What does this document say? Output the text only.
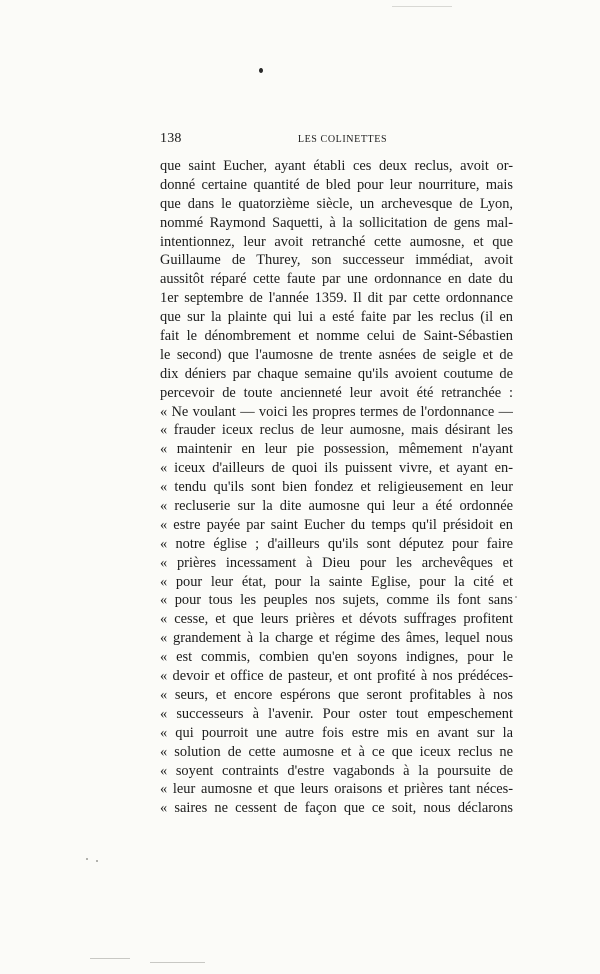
138	LES COLINETTES
que saint Eucher, ayant établi ces deux reclus, avoit or-
donné certaine quantité de bled pour leur nourriture, mais
que dans le quatorzième siècle, un archevesque de Lyon,
nommé Raymond Saquetti, à la sollicitation de gens mal-
intentionnez, leur avoit retranché cette aumosne, et que
Guillaume de Thurey, son successeur immédiat, avoit
aussitôt réparé cette faute par une ordonnance en date du
1er septembre de l'année 1359. Il dit par cette ordonnance
que sur la plainte qui lui a esté faite par les reclus (il en
fait le dénombrement et nomme celui de Saint-Sébastien
le second) que l'aumosne de trente asnées de seigle et de
dix déniers par chaque semaine qu'ils avoient coutume de
percevoir de toute ancienneté leur avoit été retranchée :
« Ne voulant — voici les propres termes de l'ordonnance —
« frauder iceux reclus de leur aumosne, mais désirant les
« maintenir en leur pie possession, mêmement n'ayant
« iceux d'ailleurs de quoi ils puissent vivre, et ayant en-
« tendu qu'ils sont bien fondez et religieusement en leur
« recluserie sur la dite aumosne qui leur a été ordonnée
« estre payée par saint Eucher du temps qu'il présidoit en
« notre église ; d'ailleurs qu'ils sont députez pour faire
« prières incessament à Dieu pour les archevêques et
« pour leur état, pour la sainte Eglise, pour la cité et
« pour tous les peuples nos sujets, comme ils font sans
« cesse, et que leurs prières et dévots suffrages profitent
« grandement à la charge et régime des âmes, lequel nous
« est commis, combien qu'en soyons indignes, pour le
« devoir et office de pasteur, et ont profité à nos prédéces-
« seurs, et encore espérons que seront profitables à nos
« successeurs à l'avenir. Pour oster tout empeschement
« qui pourroit une autre fois estre mis en avant sur la
« solution de cette aumosne et à ce que iceux reclus ne
« soyent contraints d'estre vagabonds à la poursuite de
« leur aumosne et que leurs oraisons et prières tant néces-
« saires ne cessent de façon que ce soit, nous déclarons
